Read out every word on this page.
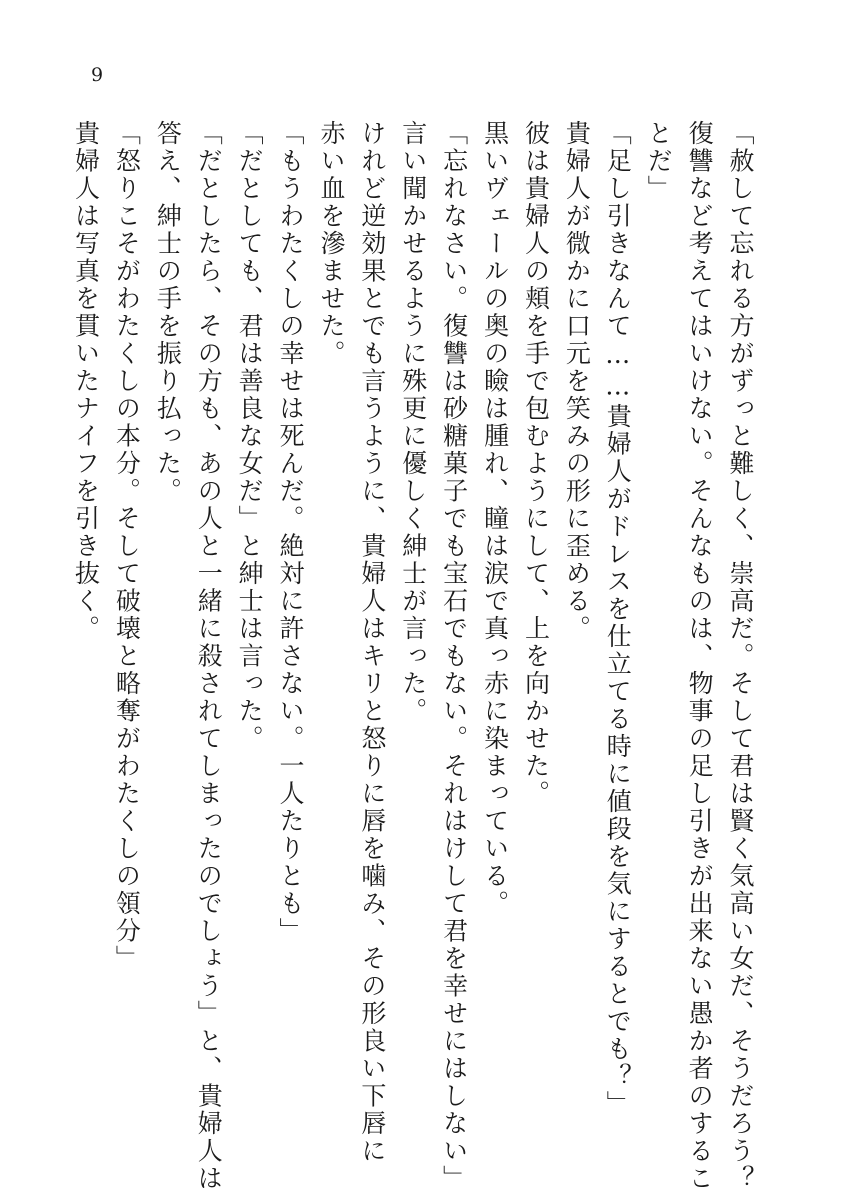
9
「赦して忘れる方がずっと難しく、崇高だ。そして君は賢く気高い女だ、そうだろう？
復讐など考えてはいけない。そんなものは、物事の足し引きが出来ない愚か者のするこ
とだ」
「足し引きなんて……貴婦人がドレスを仕立てる時に値段を気にするとでも？」
貴婦人が微かに口元を笑みの形に歪める。
彼は貴婦人の頬を手で包むようにして、上を向かせた。
黒いヴェールの奥の瞼は腫れ、瞳は涙で真っ赤に染まっている。
「忘れなさい。復讐は砂糖菓子でも宝石でもない。それはけして君を幸せにはしない」
言い聞かせるように殊更に優しく紳士が言った。
けれど逆効果とでも言うように、貴婦人はキリと怒りに唇を噛み、その形良い下唇に
赤い血を滲ませた。
「もうわたくしの幸せは死んだ。絶対に許さない。一人たりとも」
「だとしても、君は善良な女だ」と紳士は言った。
「だとしたら、その方も、あの人と一緒に殺されてしまったのでしょう」と、貴婦人は
答え、紳士の手を振り払った。
「怒りこそがわたくしの本分。そして破壊と略奪がわたくしの領分」
貴婦人は写真を貫いたナイフを引き抜く。
